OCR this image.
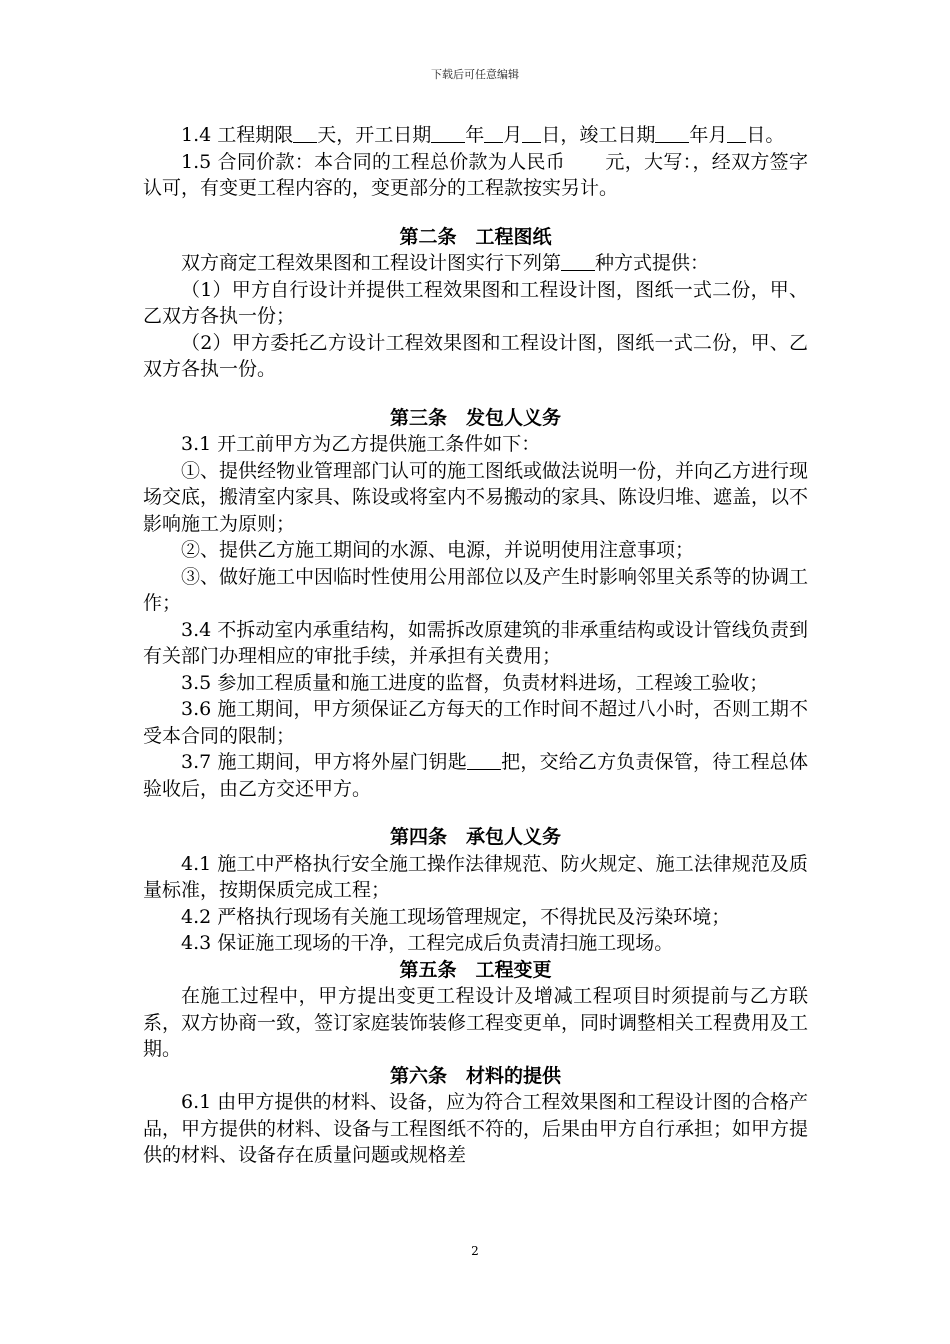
下载后可任意编辑

1.4 工程期限 天，开工日期 年 月 日，竣工日期 年月 日。

1.5 合同价款：本合同的工程总价款为人民币 元，大写：，经双方签字认可，有变更工程内容的，变更部分的工程款按实另计。

第二条　工程图纸

双方商定工程效果图和工程设计图实行下列第 种方式提供：

（1）甲方自行设计并提供工程效果图和工程设计图，图纸一式二份，甲、乙双方各执一份；

（2）甲方委托乙方设计工程效果图和工程设计图，图纸一式二份，甲、乙双方各执一份。

第三条　发包人义务

3.1 开工前甲方为乙方提供施工条件如下：

①、提供经物业管理部门认可的施工图纸或做法说明一份，并向乙方进行现场交底，搬清室内家具、陈设或将室内不易搬动的家具、陈设归堆、遮盖，以不影响施工为原则；

②、提供乙方施工期间的水源、电源，并说明使用注意事项；

③、做好施工中因临时性使用公用部位以及产生时影响邻里关系等的协调工作；

3.4 不拆动室内承重结构，如需拆改原建筑的非承重结构或设计管线负责到有关部门办理相应的审批手续，并承担有关费用；

3.5 参加工程质量和施工进度的监督，负责材料进场，工程竣工验收；

3.6 施工期间，甲方须保证乙方每天的工作时间不超过八小时，否则工期不受本合同的限制；

3.7 施工期间，甲方将外屋门钥匙 把，交给乙方负责保管，待工程总体验收后，由乙方交还甲方。

第四条　承包人义务

4.1 施工中严格执行安全施工操作法律规范、防火规定、施工法律规范及质量标准，按期保质完成工程；

4.2 严格执行现场有关施工现场管理规定，不得扰民及污染环境；

4.3 保证施工现场的干净，工程完成后负责清扫施工现场。

第五条　工程变更

在施工过程中，甲方提出变更工程设计及增减工程项目时须提前与乙方联系，双方协商一致，签订家庭装饰装修工程变更单，同时调整相关工程费用及工期。

第六条　材料的提供

6.1 由甲方提供的材料、设备，应为符合工程效果图和工程设计图的合格产品，甲方提供的材料、设备与工程图纸不符的，后果由甲方自行承担；如甲方提供的材料、设备存在质量问题或规格差

2
